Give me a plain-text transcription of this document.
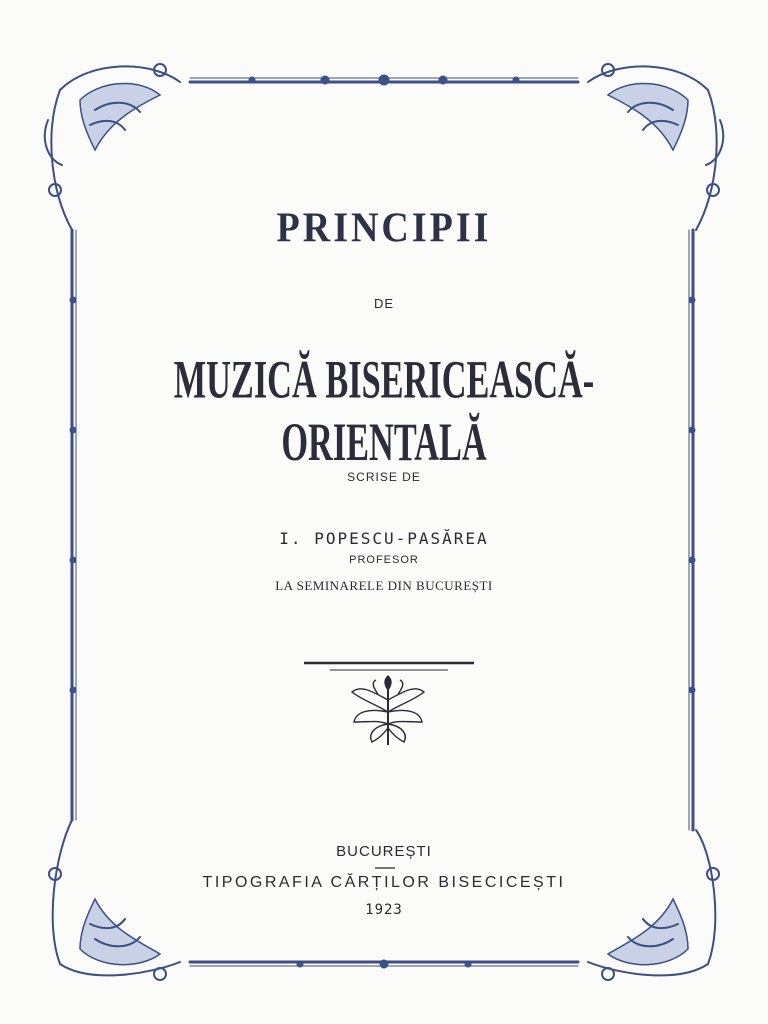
PRINCIPII
DE
MUZICĂ BISERICEASCĂ-ORIENTALĂ
SCRISE DE
I. POPESCU-PASĂREA
PROFESOR
LA SEMINARELE DIN BUCUREȘTI
BUCUREȘTI
TIPOGRAFIA CĂRȚILOR BISECICEȘTI
1923
